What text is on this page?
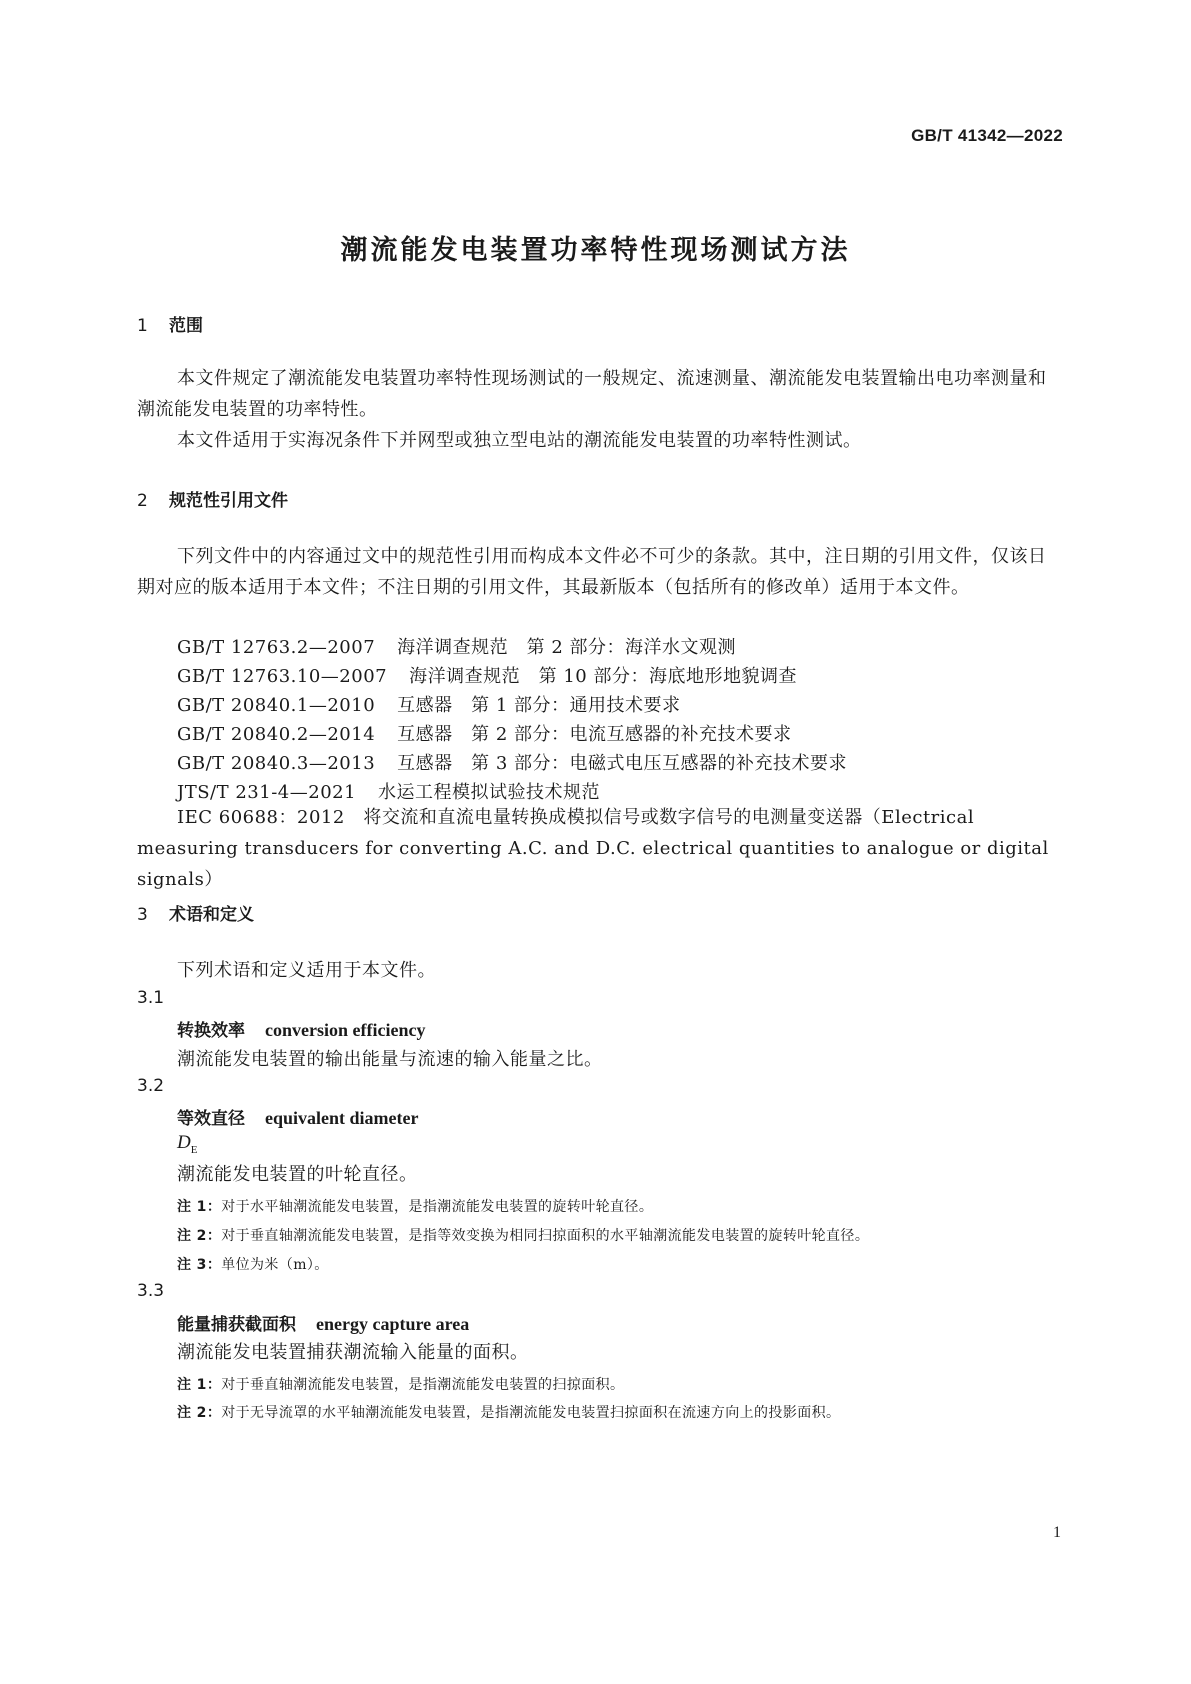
GB/T 41342—2022
潮流能发电装置功率特性现场测试方法
1 范围
本文件规定了潮流能发电装置功率特性现场测试的一般规定、流速测量、潮流能发电装置输出电功率测量和潮流能发电装置的功率特性。
本文件适用于实海况条件下并网型或独立型电站的潮流能发电装置的功率特性测试。
2 规范性引用文件
下列文件中的内容通过文中的规范性引用而构成本文件必不可少的条款。其中，注日期的引用文件，仅该日期对应的版本适用于本文件；不注日期的引用文件，其最新版本（包括所有的修改单）适用于本文件。
GB/T 12763.2—2007 海洋调查规范　第 2 部分：海洋水文观测
GB/T 12763.10—2007 海洋调查规范　第 10 部分：海底地形地貌调查
GB/T 20840.1—2010 互感器　第 1 部分：通用技术要求
GB/T 20840.2—2014 互感器　第 2 部分：电流互感器的补充技术要求
GB/T 20840.3—2013 互感器　第 3 部分：电磁式电压互感器的补充技术要求
JTS/T 231-4—2021 水运工程模拟试验技术规范
IEC 60688：2012　将交流和直流电量转换成模拟信号或数字信号的电测量变送器（Electrical measuring transducers for converting A.C. and D.C. electrical quantities to analogue or digital signals）
3 术语和定义
下列术语和定义适用于本文件。
3.1
转换效率 conversion efficiency
潮流能发电装置的输出能量与流速的输入能量之比。
3.2
等效直径 equivalent diameter
$D_E$
潮流能发电装置的叶轮直径。
注 1：对于水平轴潮流能发电装置，是指潮流能发电装置的旋转叶轮直径。
注 2：对于垂直轴潮流能发电装置，是指等效变换为相同扫掠面积的水平轴潮流能发电装置的旋转叶轮直径。
注 3：单位为米（m）。
3.3
能量捕获截面积 energy capture area
潮流能发电装置捕获潮流输入能量的面积。
注 1：对于垂直轴潮流能发电装置，是指潮流能发电装置的扫掠面积。
注 2：对于无导流罩的水平轴潮流能发电装置，是指潮流能发电装置扫掠面积在流速方向上的投影面积。
1
